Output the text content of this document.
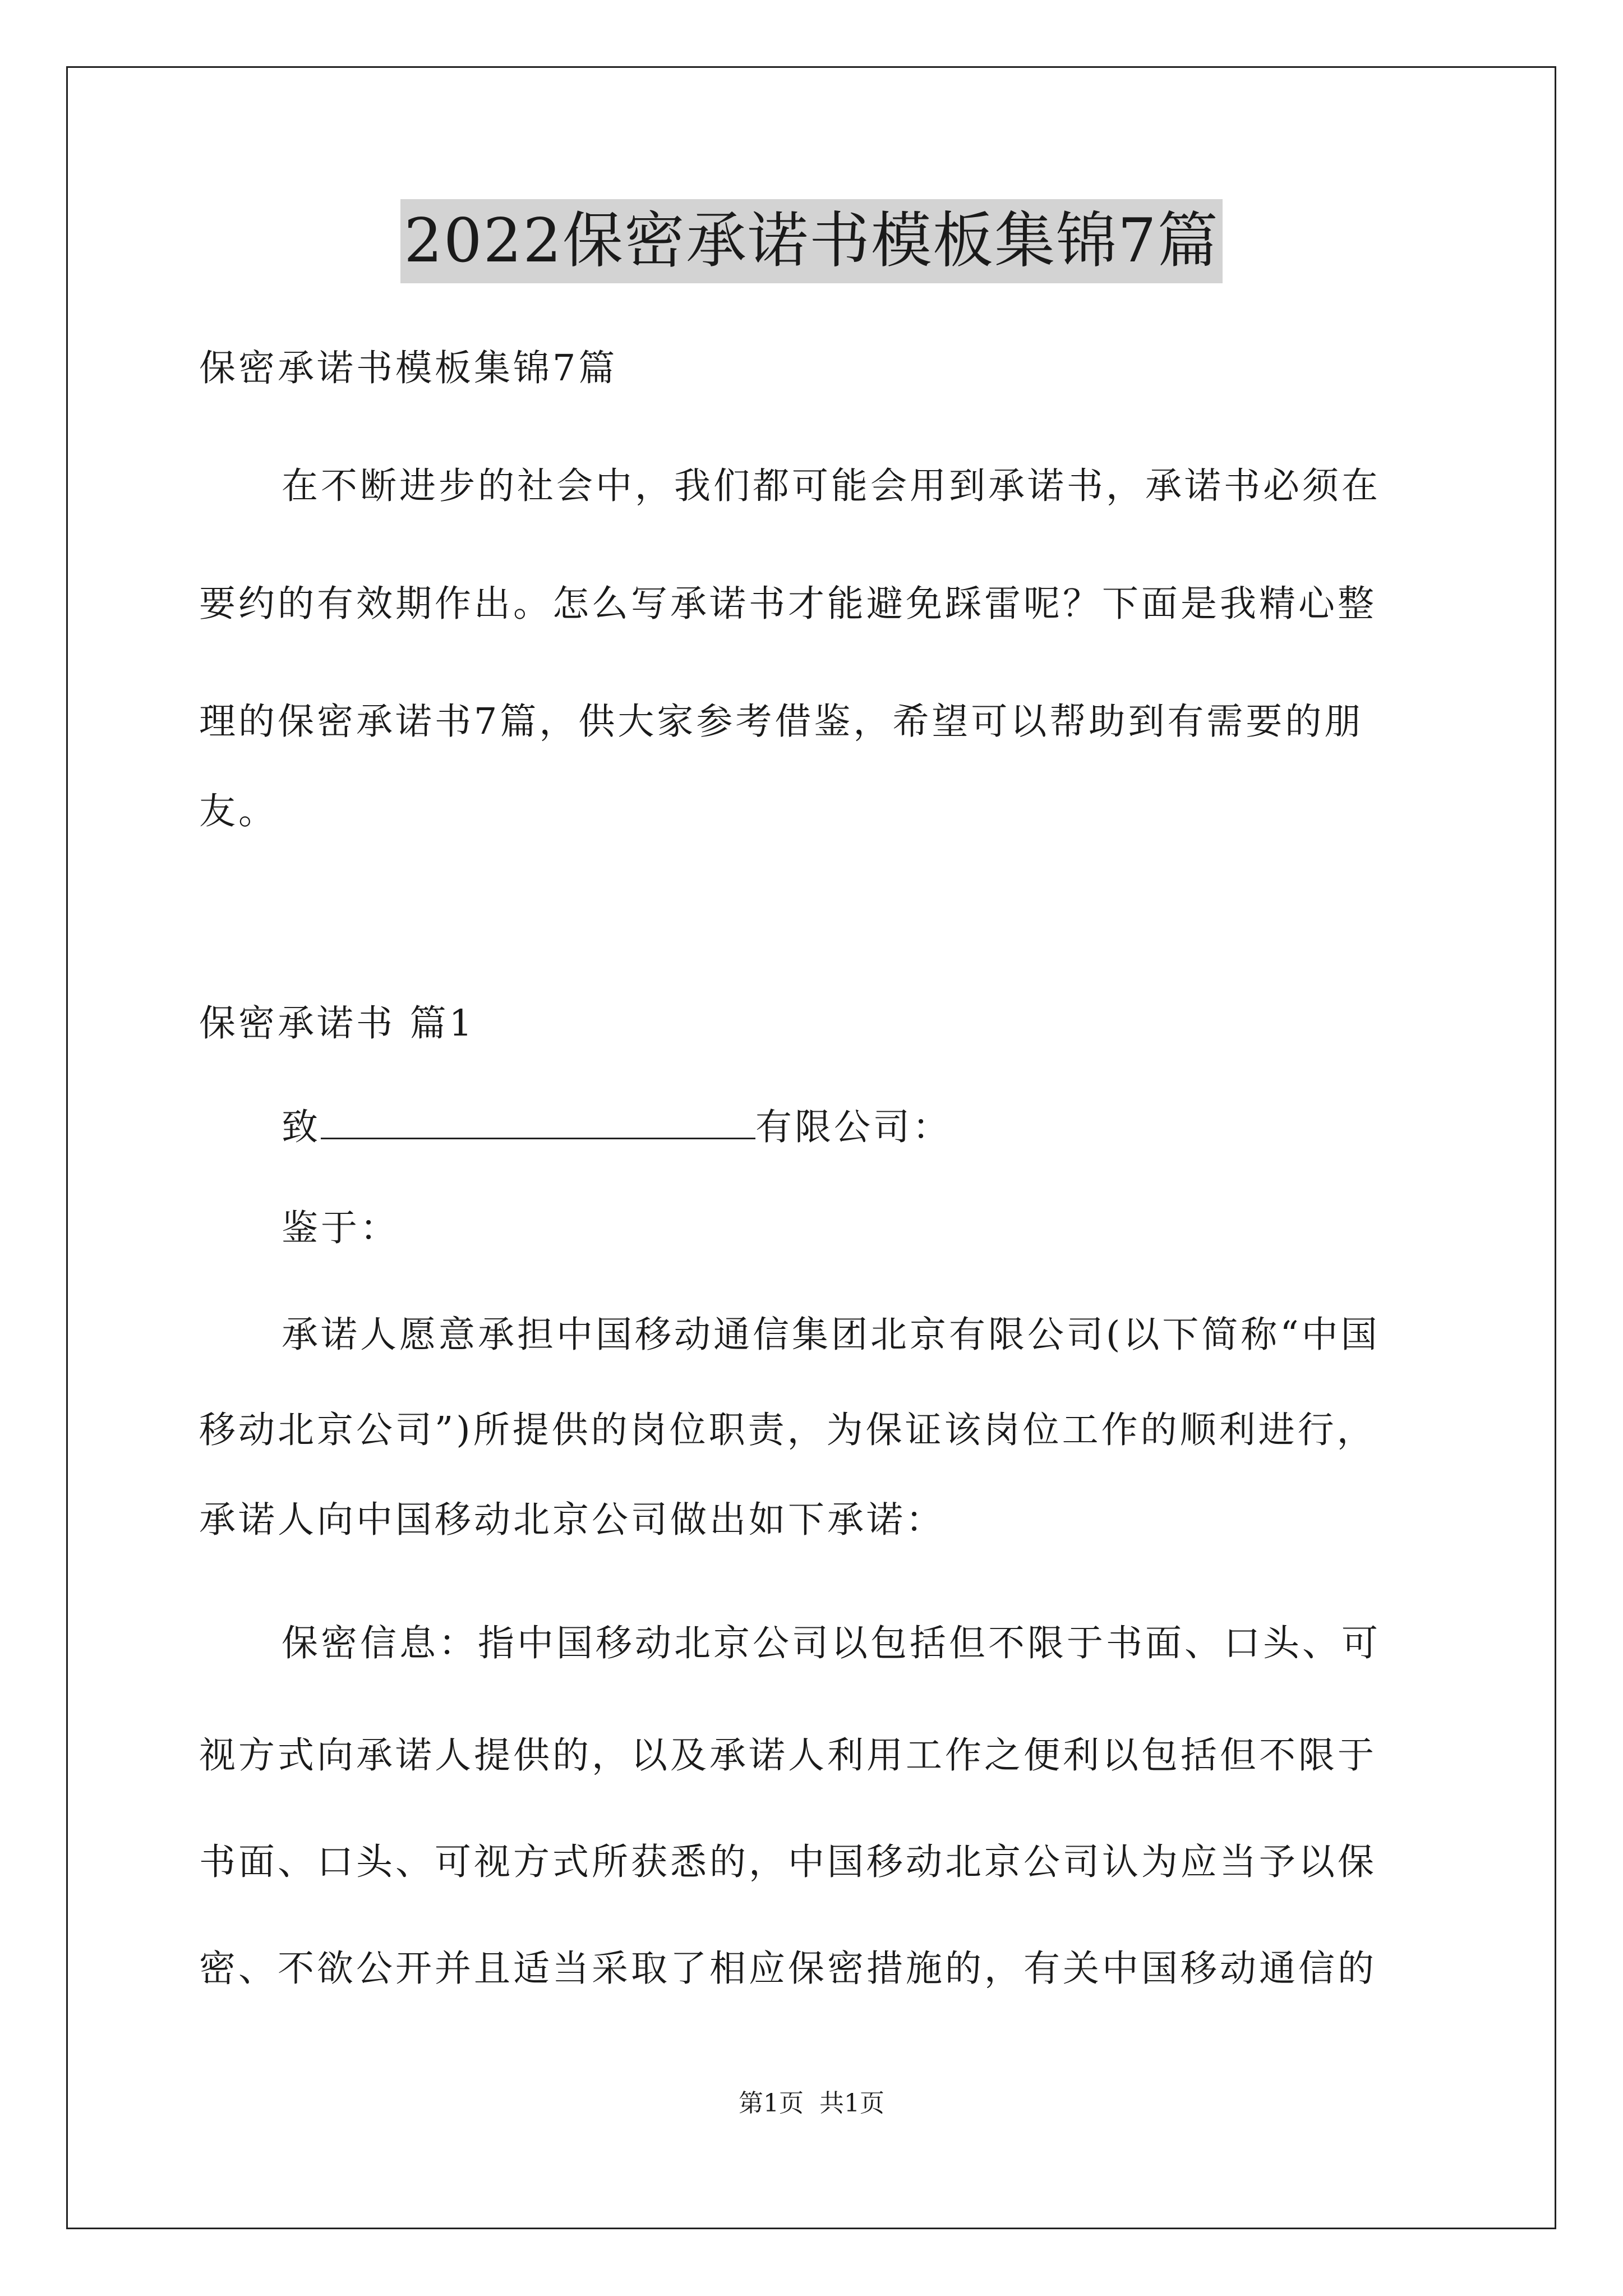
2022保密承诺书模板集锦7篇
保密承诺书模板集锦7篇
在不断进步的社会中，我们都可能会用到承诺书，承诺书必须在
要约的有效期作出。怎么写承诺书才能避免踩雷呢？下面是我精心整
理的保密承诺书7篇，供大家参考借鉴，希望可以帮助到有需要的朋
友。
保密承诺书 篇1
致	有限公司：
鉴于：
承诺人愿意承担中国移动通信集团北京有限公司(以下简称“中国
移动北京公司”)所提供的岗位职责，为保证该岗位工作的顺利进行，
承诺人向中国移动北京公司做出如下承诺：
保密信息：指中国移动北京公司以包括但不限于书面、口头、可
视方式向承诺人提供的，以及承诺人利用工作之便利以包括但不限于
书面、口头、可视方式所获悉的，中国移动北京公司认为应当予以保
密、不欲公开并且适当采取了相应保密措施的，有关中国移动通信的
第1页 共1页
